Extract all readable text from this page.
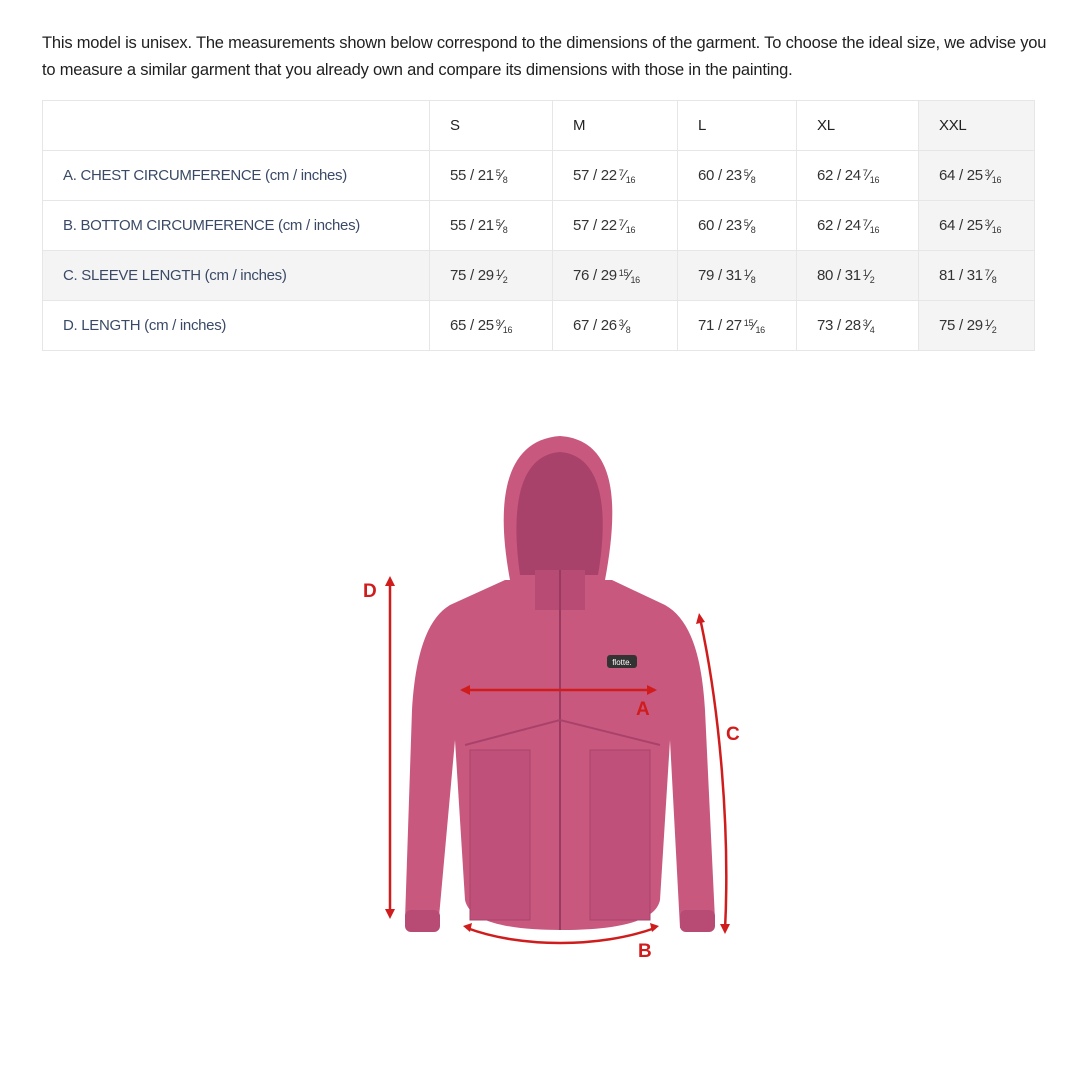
This model is unisex. The measurements shown below correspond to the dimensions of the garment. To choose the ideal size, we advise you to measure a similar garment that you already own and compare its dimensions with those in the painting.

	S	M	L	XL	XXL
A. CHEST CIRCUMFERENCE (cm / inches)	55 / 21 $^5⁄_8$	57 / 22 $^7⁄_{16}$	60 / 23 $^5⁄_8$	62 / 24 $^7⁄_{16}$	64 / 25 $^3⁄_{16}$
B. BOTTOM CIRCUMFERENCE (cm / inches)	55 / 21 $^5⁄_8$	57 / 22 $^7⁄_{16}$	60 / 23 $^5⁄_8$	62 / 24 $^7⁄_{16}$	64 / 25 $^3⁄_{16}$
C. SLEEVE LENGTH (cm / inches)	75 / 29 $^1⁄_2$	76 / 29 $^{15}⁄_{16}$	79 / 31 $^1⁄_8$	80 / 31 $^1⁄_2$	81 / 31 $^7⁄_8$
D. LENGTH (cm / inches)	65 / 25 $^9⁄_{16}$	67 / 26 $^3⁄_8$	71 / 27 $^{15}⁄_{16}$	73 / 28 $^3⁄_4$	75 / 29 $^1⁄_2$
flotte.
A
B
C
D
